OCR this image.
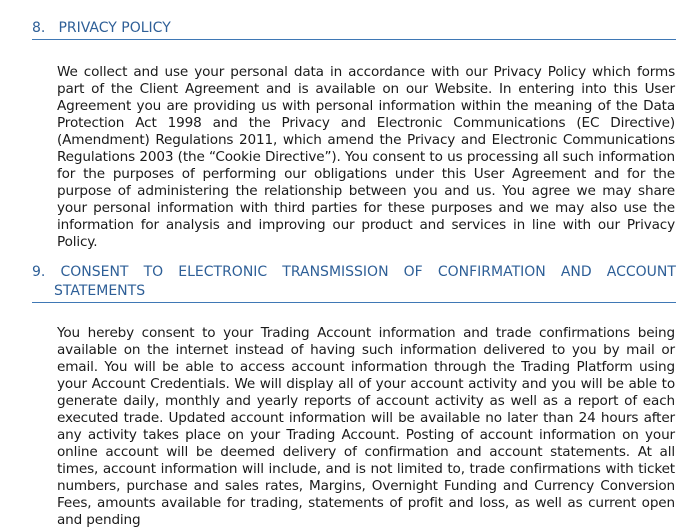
8. PRIVACY POLICY

We collect and use your personal data in accordance with our Privacy Policy which forms part of the Client Agreement and is available on our Website. In entering into this User Agreement you are providing us with personal information within the meaning of the Data Protection Act 1998 and the Privacy and Electronic Communications (EC Directive) (Amendment) Regulations 2011, which amend the Privacy and Electronic Communications Regulations 2003 (the “Cookie Directive”). You consent to us processing all such information for the purposes of performing our obligations under this User Agreement and for the purpose of administering the relationship between you and us. You agree we may share your personal information with third parties for these purposes and we may also use the information for analysis and improving our product and services in line with our Privacy Policy.

9. CONSENT TO ELECTRONIC TRANSMISSION OF CONFIRMATION AND ACCOUNT
STATEMENTS

You hereby consent to your Trading Account information and trade confirmations being available on the internet instead of having such information delivered to you by mail or email. You will be able to access account information through the Trading Platform using your Account Credentials. We will display all of your account activity and you will be able to generate daily, monthly and yearly reports of account activity as well as a report of each executed trade. Updated account information will be available no later than 24 hours after any activity takes place on your Trading Account. Posting of account information on your online account will be deemed delivery of confirmation and account statements. At all times, account information will include, and is not limited to, trade confirmations with ticket numbers, purchase and sales rates, Margins, Overnight Funding and Currency Conversion Fees, amounts available for trading, statements of profit and loss, as well as current open and pending
